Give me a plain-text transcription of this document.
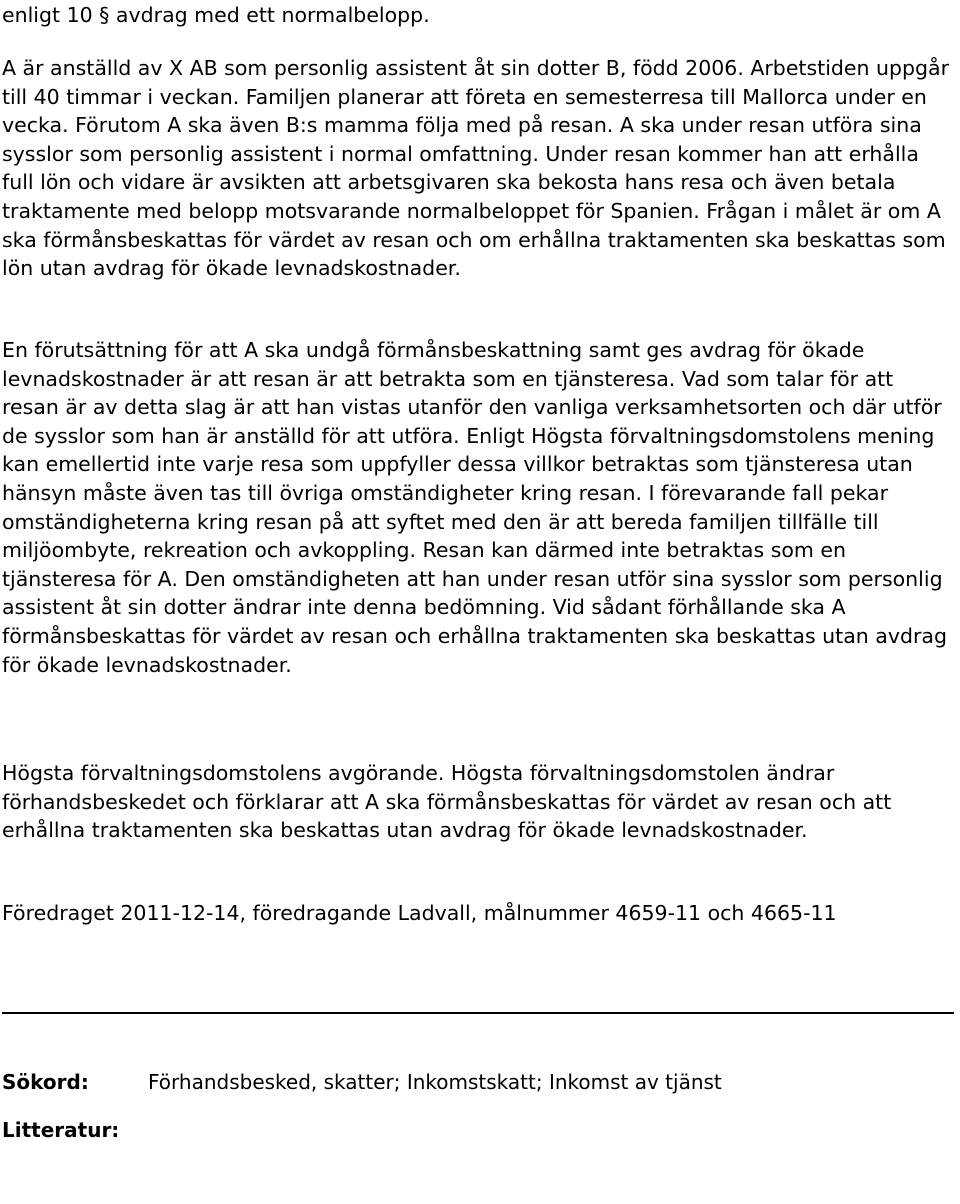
enligt 10 § avdrag med ett normalbelopp.

A är anställd av X AB som personlig assistent åt sin dotter B, född 2006. Arbetstiden uppgår till 40 timmar i veckan. Familjen planerar att företa en semesterresa till Mallorca under en vecka. Förutom A ska även B:s mamma följa med på resan. A ska under resan utföra sina sysslor som personlig assistent i normal omfattning. Under resan kommer han att erhålla full lön och vidare är avsikten att arbetsgivaren ska bekosta hans resa och även betala traktamente med belopp motsvarande normalbeloppet för Spanien. Frågan i målet är om A ska förmånsbeskattas för värdet av resan och om erhållna traktamenten ska beskattas som lön utan avdrag för ökade levnadskostnader.

En förutsättning för att A ska undgå förmånsbeskattning samt ges avdrag för ökade levnadskostnader är att resan är att betrakta som en tjänsteresa. Vad som talar för att resan är av detta slag är att han vistas utanför den vanliga verksamhetsorten och där utför de sysslor som han är anställd för att utföra. Enligt Högsta förvaltningsdomstolens mening kan emellertid inte varje resa som uppfyller dessa villkor betraktas som tjänsteresa utan hänsyn måste även tas till övriga omständigheter kring resan. I förevarande fall pekar omständigheterna kring resan på att syftet med den är att bereda familjen tillfälle till miljöombyte, rekreation och avkoppling. Resan kan därmed inte betraktas som en tjänsteresa för A. Den omständigheten att han under resan utför sina sysslor som personlig assistent åt sin dotter ändrar inte denna bedömning. Vid sådant förhållande ska A förmånsbeskattas för värdet av resan och erhållna traktamenten ska beskattas utan avdrag för ökade levnadskostnader.

Högsta förvaltningsdomstolens avgörande. Högsta förvaltningsdomstolen ändrar förhandsbeskedet och förklarar att A ska förmånsbeskattas för värdet av resan och att erhållna traktamenten ska beskattas utan avdrag för ökade levnadskostnader.

Föredraget 2011-12-14, föredragande Ladvall, målnummer 4659-11 och 4665-11

Sökord:	Förhandsbesked, skatter; Inkomstskatt; Inkomst av tjänst
Litteratur:
